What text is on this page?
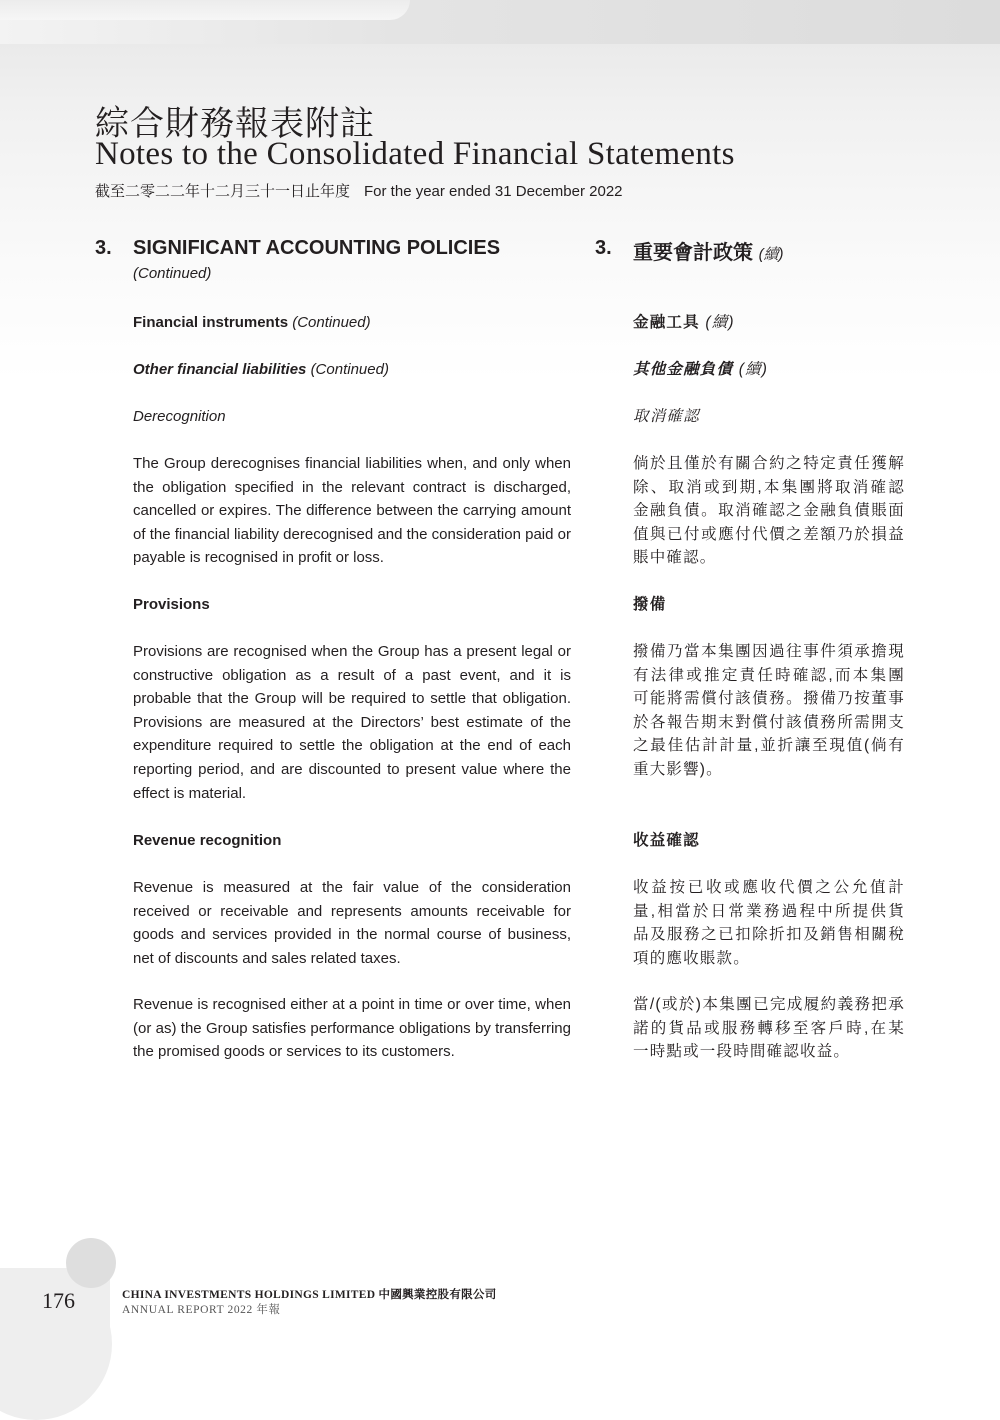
綜合財務報表附註
Notes to the Consolidated Financial Statements
截至二零二二年十二月三十一日止年度 For the year ended 31 December 2022
3. SIGNIFICANT ACCOUNTING POLICIES
(Continued)
Financial instruments (Continued)
Other financial liabilities (Continued)
Derecognition
The Group derecognises financial liabilities when, and only when the obligation specified in the relevant contract is discharged, cancelled or expires. The difference between the carrying amount of the financial liability derecognised and the consideration paid or payable is recognised in profit or loss.
Provisions
Provisions are recognised when the Group has a present legal or constructive obligation as a result of a past event, and it is probable that the Group will be required to settle that obligation. Provisions are measured at the Directors’ best estimate of the expenditure required to settle the obligation at the end of each reporting period, and are discounted to present value where the effect is material.
Revenue recognition
Revenue is measured at the fair value of the consideration received or receivable and represents amounts receivable for goods and services provided in the normal course of business, net of discounts and sales related taxes.
Revenue is recognised either at a point in time or over time, when (or as) the Group satisfies performance obligations by transferring the promised goods or services to its customers.
3. 重要會計政策 (續)
金融工具 (續)
其他金融負債 (續)
取消確認
倘於且僅於有關合約之特定責任獲解除、取消或到期,本集團將取消確認金融負債。取消確認之金融負債賬面值與已付或應付代價之差額乃於損益賬中確認。
撥備
撥備乃當本集團因過往事件須承擔現有法律或推定責任時確認,而本集團可能將需償付該債務。撥備乃按董事於各報告期末對償付該債務所需開支之最佳估計計量,並折讓至現值(倘有重大影響)。
收益確認
收益按已收或應收代價之公允值計量,相當於日常業務過程中所提供貨品及服務之已扣除折扣及銷售相關稅項的應收賬款。
當/(或於)本集團已完成履約義務把承諾的貨品或服務轉移至客戶時,在某一時點或一段時間確認收益。
176	CHINA INVESTMENTS HOLDINGS LIMITED 中國興業控股有限公司
ANNUAL REPORT 2022 年報
